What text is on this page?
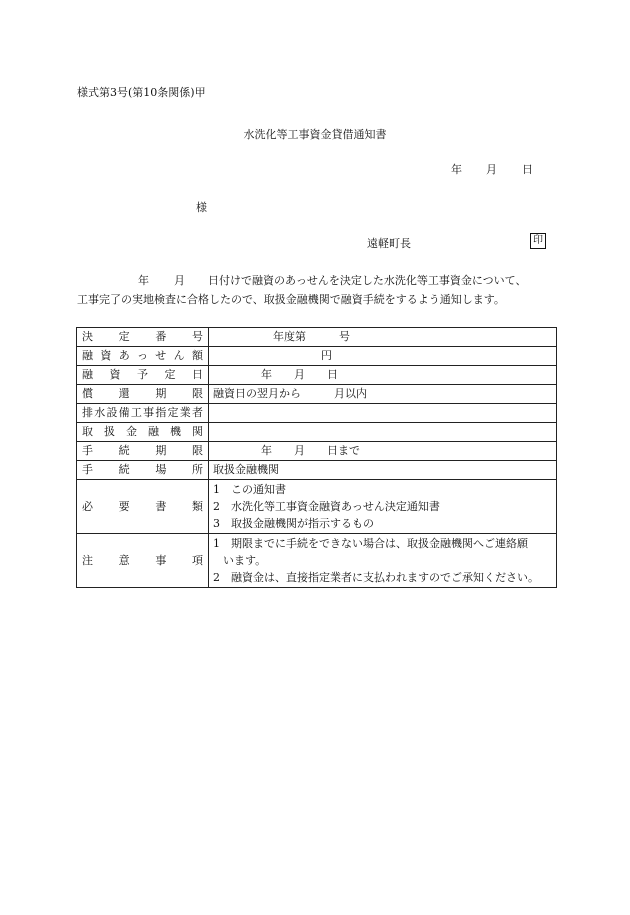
様式第3号(第10条関係)甲
水洗化等工事資金貸借通知書
年 月 日
様
遠軽町長	印
年 月 日付けで融資のあっせんを決定した水洗化等工事資金について、
工事完了の実地検査に合格したので、取扱金融機関で融資手続をするよう通知します。
決定番号	年度第　　　号
融資あっせん額	円
融資予定日	年　　月　　日
償還期限	融資日の翌月から　　　月以内
排水設備工事指定業者	
取扱金融機関	
手続期限	年　　月　　日まで
手続場所	取扱金融機関
必要書類	1　この通知書
2　水洗化等工事資金融資あっせん決定通知書
3　取扱金融機関が指示するもの

注意事項	1　期限までに手続をできない場合は、取扱金融機関へご連絡願
います。
2　融資金は、直接指定業者に支払われますのでご承知ください。
